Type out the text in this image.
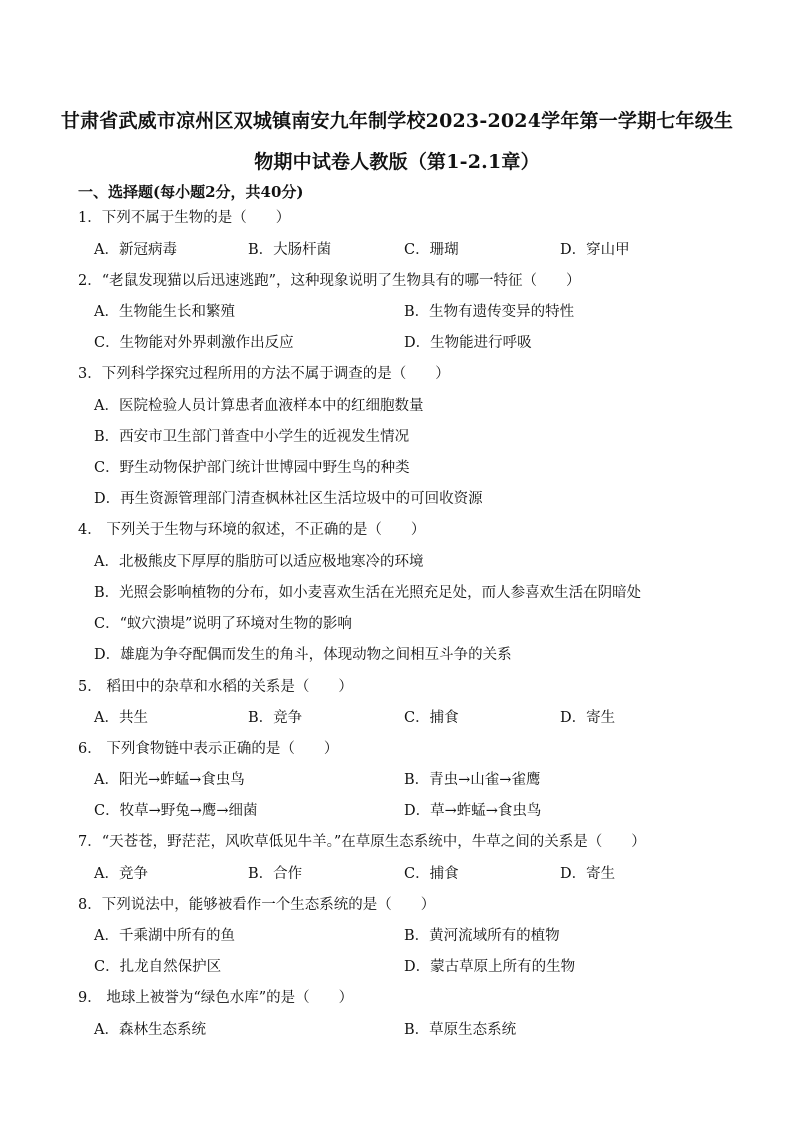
甘肃省武威市凉州区双城镇南安九年制学校2023-2024学年第一学期七年级生
物期中试卷人教版（第1-2.1章）
一、选择题(每小题2分，共40分)
1．下列不属于生物的是（　　）
A．新冠病毒	B．大肠杆菌	C．珊瑚	D．穿山甲
2．“老鼠发现猫以后迅速逃跑”，这种现象说明了生物具有的哪一特征（　　）
A．生物能生长和繁殖	B．生物有遗传变异的特性
C．生物能对外界刺激作出反应	D．生物能进行呼吸
3．下列科学探究过程所用的方法不属于调查的是（　　）
A．医院检验人员计算患者血液样本中的红细胞数量
B．西安市卫生部门普查中小学生的近视发生情况
C．野生动物保护部门统计世博园中野生鸟的种类
D．再生资源管理部门清查枫林社区生活垃圾中的可回收资源
4． 下列关于生物与环境的叙述，不正确的是（　　）
A．北极熊皮下厚厚的脂肪可以适应极地寒冷的环境
B．光照会影响植物的分布，如小麦喜欢生活在光照充足处，而人参喜欢生活在阴暗处
C．“蚁穴溃堤”说明了环境对生物的影响
D．雄鹿为争夺配偶而发生的角斗，体现动物之间相互斗争的关系
5． 稻田中的杂草和水稻的关系是（　　）
A．共生	B．竞争	C．捕食	D．寄生
6． 下列食物链中表示正确的是（　　）
A．阳光→蚱蜢→食虫鸟	B．青虫→山雀→雀鹰
C．牧草→野兔→鹰→细菌	D．草→蚱蜢→食虫鸟
7．“天苍苍，野茫茫，风吹草低见牛羊。”在草原生态系统中，牛草之间的关系是（　　）
A．竞争	B．合作	C．捕食	D．寄生
8．下列说法中，能够被看作一个生态系统的是（　　）
A．千乘湖中所有的鱼	B．黄河流域所有的植物
C．扎龙自然保护区	D．蒙古草原上所有的生物
9． 地球上被誉为“绿色水库”的是（　　）
A．森林生态系统	B．草原生态系统
